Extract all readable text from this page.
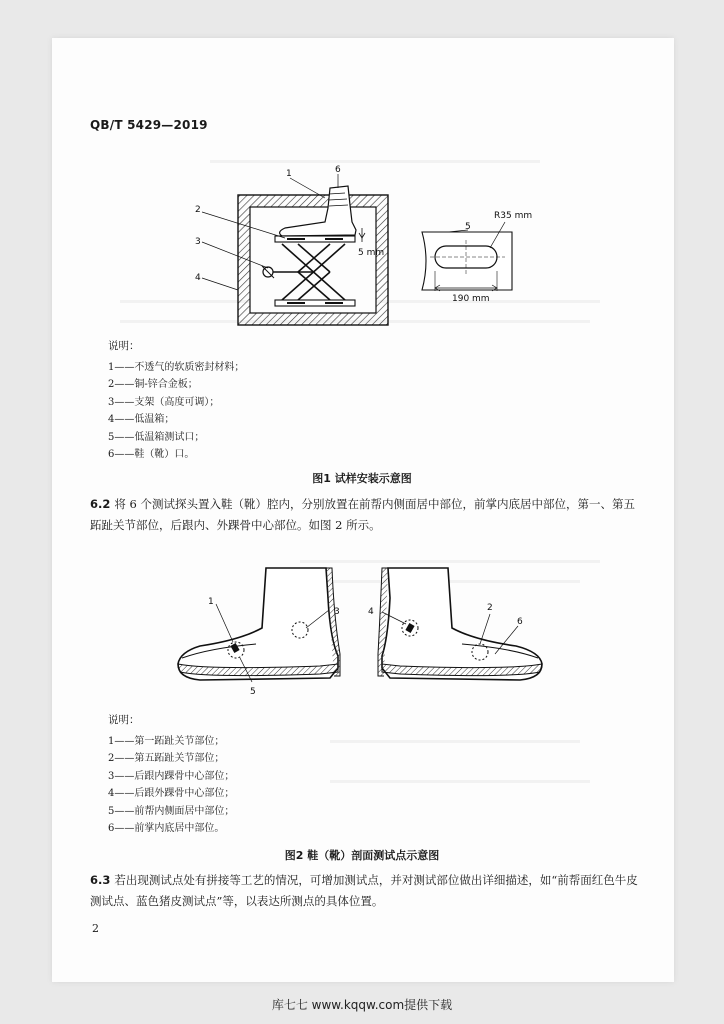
QB/T 5429—2019
5 mm
1
2
3
4
6
5
R35 mm
190 mm
说明：
1——不透气的软质密封材料；
2——铜-锌合金板；
3——支架（高度可调）；
4——低温箱；
5——低温箱测试口；
6——鞋（靴）口。
图1 试样安装示意图
6.2 将 6 个测试探头置入鞋（靴）腔内，分别放置在前帮内侧面居中部位，前掌内底居中部位，第一、第五跖趾关节部位，后跟内、外踝骨中心部位。如图 2 所示。
1
3
5
4	2
6
说明：
1——第一跖趾关节部位；
2——第五跖趾关节部位；
3——后跟内踝骨中心部位；
4——后跟外踝骨中心部位；
5——前帮内侧面居中部位；
6——前掌内底居中部位。
图2 鞋（靴）剖面测试点示意图
6.3 若出现测试点处有拼接等工艺的情况，可增加测试点，并对测试部位做出详细描述，如“前帮面红色牛皮测试点、蓝色猪皮测试点”等，以表达所测点的具体位置。
2
库七七 www.kqqw.com提供下载
